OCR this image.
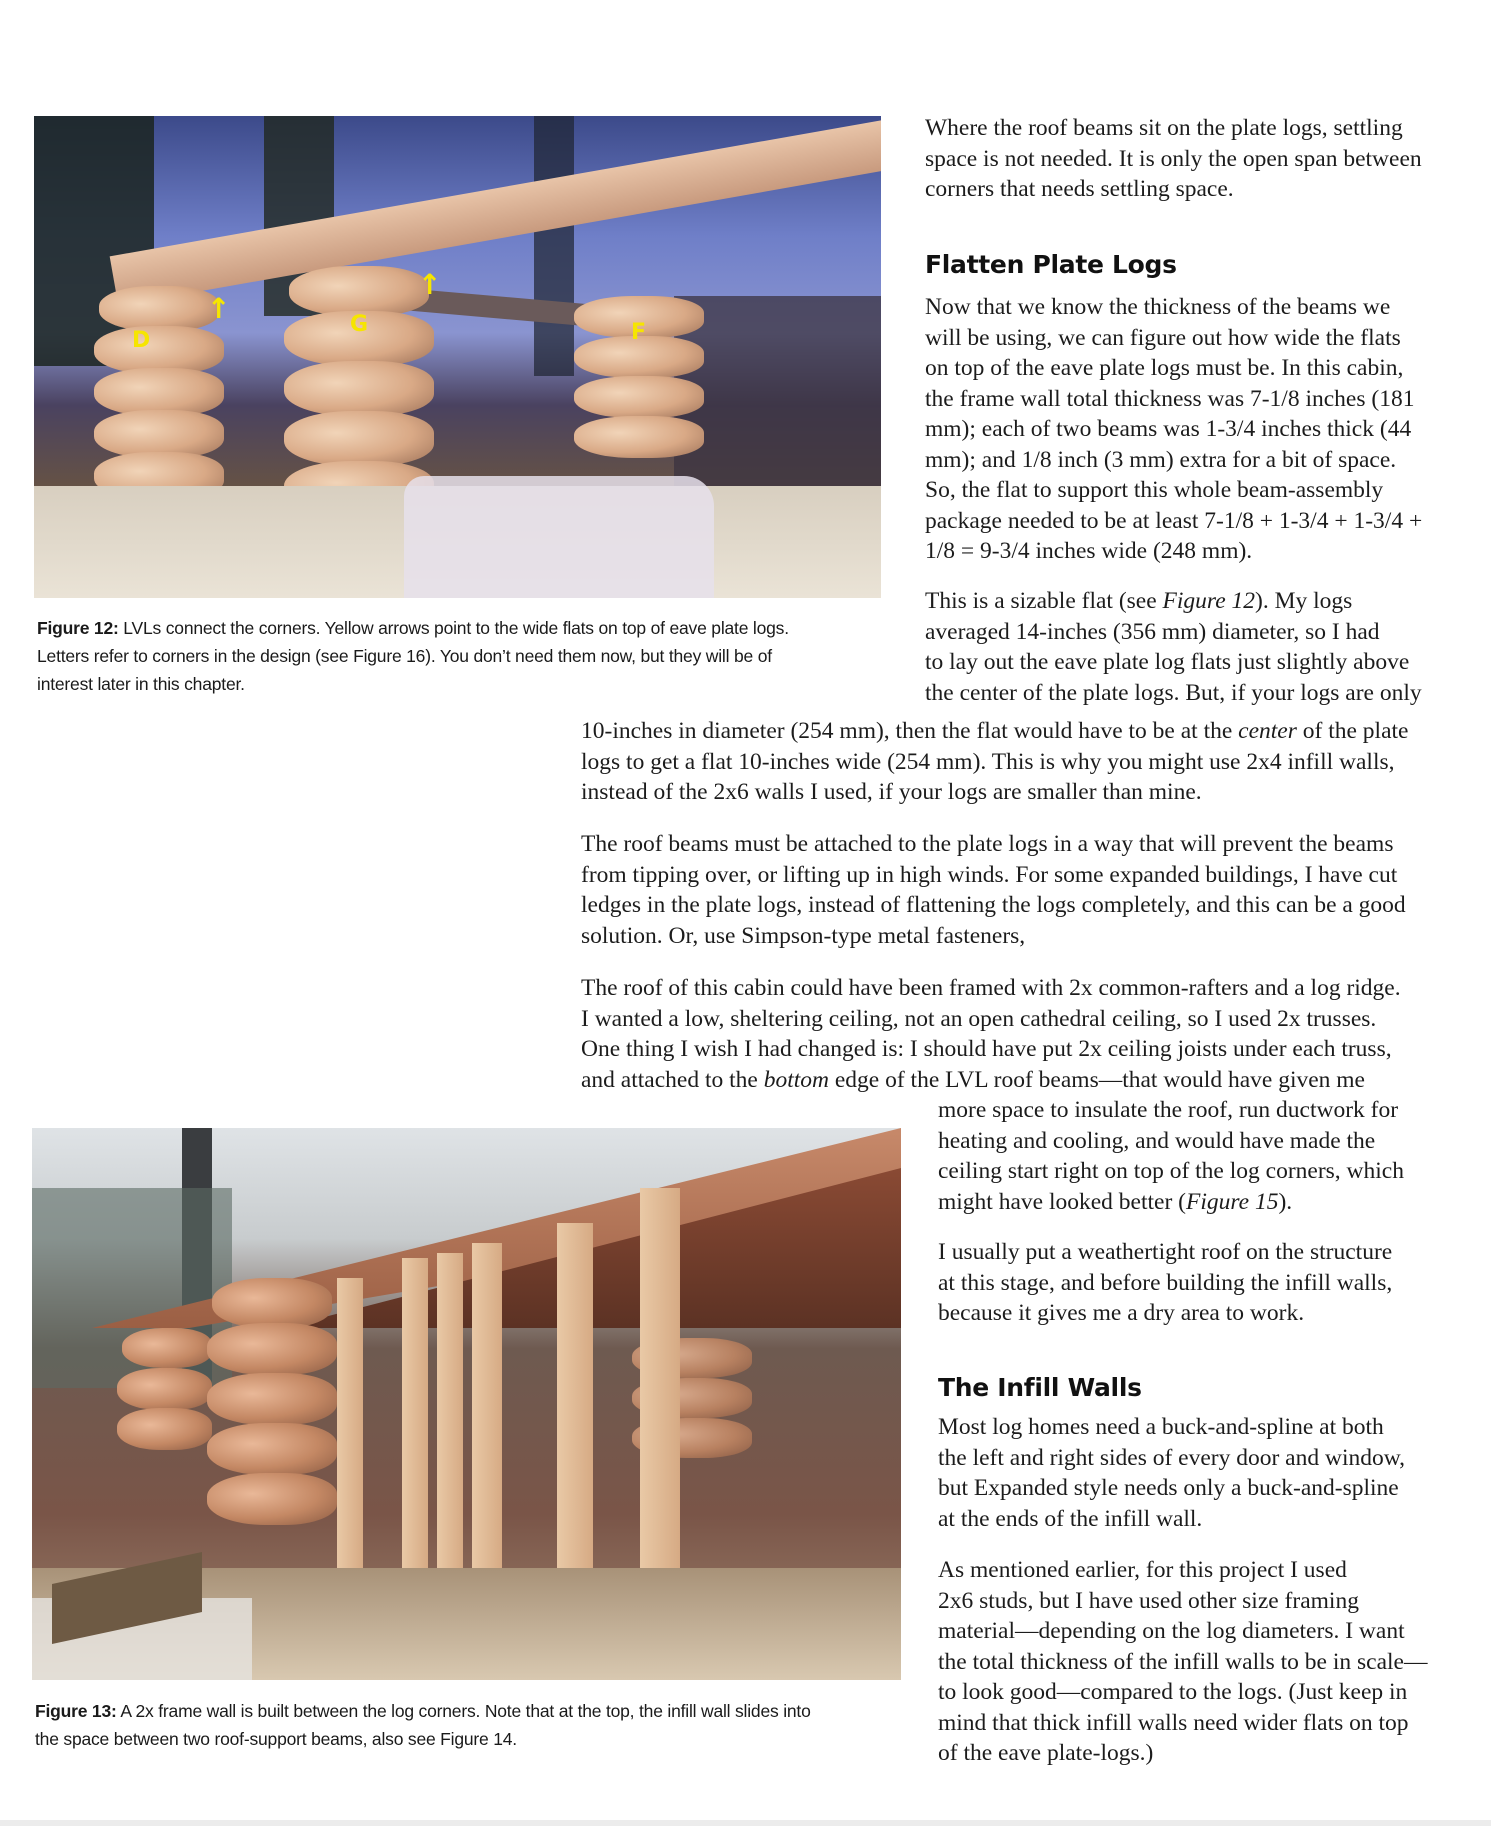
D
G	F
↑
↑

Figure 12: LVLs connect the corners. Yellow arrows point to the wide flats on top of eave plate logs.

Letters refer to corners in the design (see Figure 16). You don’t need them now, but they will be of

interest later in this chapter.

Where the roof beams sit on the plate logs, settling

space is not needed. It is only the open span between

corners that needs settling space.

Flatten Plate Logs

Now that we know the thickness of the beams we

will be using, we can figure out how wide the flats

on top of the eave plate logs must be. In this cabin,

the frame wall total thickness was 7-1/8 inches (181

mm); each of two beams was 1-3/4 inches thick (44

mm); and 1/8 inch (3 mm) extra for a bit of space.

So, the flat to support this whole beam-assembly

package needed to be at least 7-1/8 + 1-3/4 + 1-3/4 +

1/8 = 9-3/4 inches wide (248 mm).

This is a sizable flat (see Figure 12). My logs

averaged 14-inches (356 mm) diameter, so I had

to lay out the eave plate log flats just slightly above

the center of the plate logs. But, if your logs are only

10-inches in diameter (254 mm), then the flat would have to be at the center of the plate

logs to get a flat 10-inches wide (254 mm). This is why you might use 2x4 infill walls,

instead of the 2x6 walls I used, if your logs are smaller than mine.

The roof beams must be attached to the plate logs in a way that will prevent the beams

from tipping over, or lifting up in high winds. For some expanded buildings, I have cut

ledges in the plate logs, instead of flattening the logs completely, and this can be a good

solution. Or, use Simpson-type metal fasteners,

The roof of this cabin could have been framed with 2x common-rafters and a log ridge.

I wanted a low, sheltering ceiling, not an open cathedral ceiling, so I used 2x trusses.

One thing I wish I had changed is: I should have put 2x ceiling joists under each truss,

and attached to the bottom edge of the LVL roof beams—that would have given me

more space to insulate the roof, run ductwork for

heating and cooling, and would have made the

ceiling start right on top of the log corners, which

might have looked better (Figure 15).

I usually put a weathertight roof on the structure

at this stage, and before building the infill walls,

because it gives me a dry area to work.

The Infill Walls

Most log homes need a buck-and-spline at both

the left and right sides of every door and window,

but Expanded style needs only a buck-and-spline

at the ends of the infill wall.

As mentioned earlier, for this project I used

2x6 studs, but I have used other size framing

material—depending on the log diameters. I want

the total thickness of the infill walls to be in scale—

to look good—compared to the logs. (Just keep in

mind that thick infill walls need wider flats on top

of the eave plate-logs.)

Figure 13: A 2x frame wall is built between the log corners. Note that at the top, the infill wall slides into

the space between two roof-support beams, also see Figure 14.
